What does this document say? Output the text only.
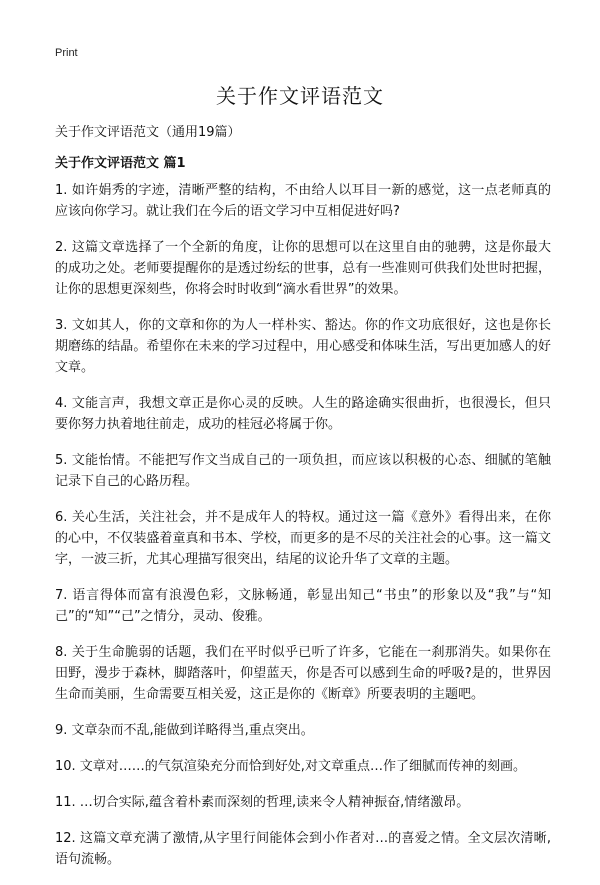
Print
关于作文评语范文
关于作文评语范文（通用19篇）
关于作文评语范文 篇1

1. 如许娟秀的字迹，清晰严整的结构，不由给人以耳目一新的感觉，这一点老师真的应该向你学习。就让我们在今后的语文学习中互相促进好吗?

2. 这篇文章选择了一个全新的角度，让你的思想可以在这里自由的驰骋，这是你最大的成功之处。老师要提醒你的是透过纷纭的世事，总有一些准则可供我们处世时把握，让你的思想更深刻些，你将会时时收到“滴水看世界”的效果。

3. 文如其人，你的文章和你的为人一样朴实、豁达。你的作文功底很好，这也是你长期磨练的结晶。希望你在未来的学习过程中，用心感受和体味生活，写出更加感人的好文章。

4. 文能言声，我想文章正是你心灵的反映。人生的路途确实很曲折，也很漫长，但只要你努力执着地往前走，成功的桂冠必将属于你。

5. 文能怡情。不能把写作文当成自己的一项负担，而应该以积极的心态、细腻的笔触记录下自己的心路历程。

6. 关心生活，关注社会，并不是成年人的特权。通过这一篇《意外》看得出来，在你的心中，不仅装盛着童真和书本、学校，而更多的是不尽的关注社会的心事。这一篇文字，一波三折，尤其心理描写很突出，结尾的议论升华了文章的主题。

7. 语言得体而富有浪漫色彩，文脉畅通，彰显出知己“书虫”的形象以及“我”与“知己”的“知”“己”之情分，灵动、俊雅。

8. 关于生命脆弱的话题，我们在平时似乎已听了许多，它能在一刹那消失。如果你在田野，漫步于森林，脚踏落叶，仰望蓝天，你是否可以感到生命的呼吸?是的，世界因生命而美丽，生命需要互相关爱，这正是你的《断章》所要表明的主题吧。

9. 文章杂而不乱,能做到详略得当,重点突出。

10. 文章对……的气氛渲染充分而恰到好处,对文章重点…作了细腻而传神的刻画。

11. …切合实际,蕴含着朴素而深刻的哲理,读来令人精神振奋,情绪激昂。

12. 这篇文章充满了激情,从字里行间能体会到小作者对…的喜爱之情。全文层次清晰,语句流畅。
